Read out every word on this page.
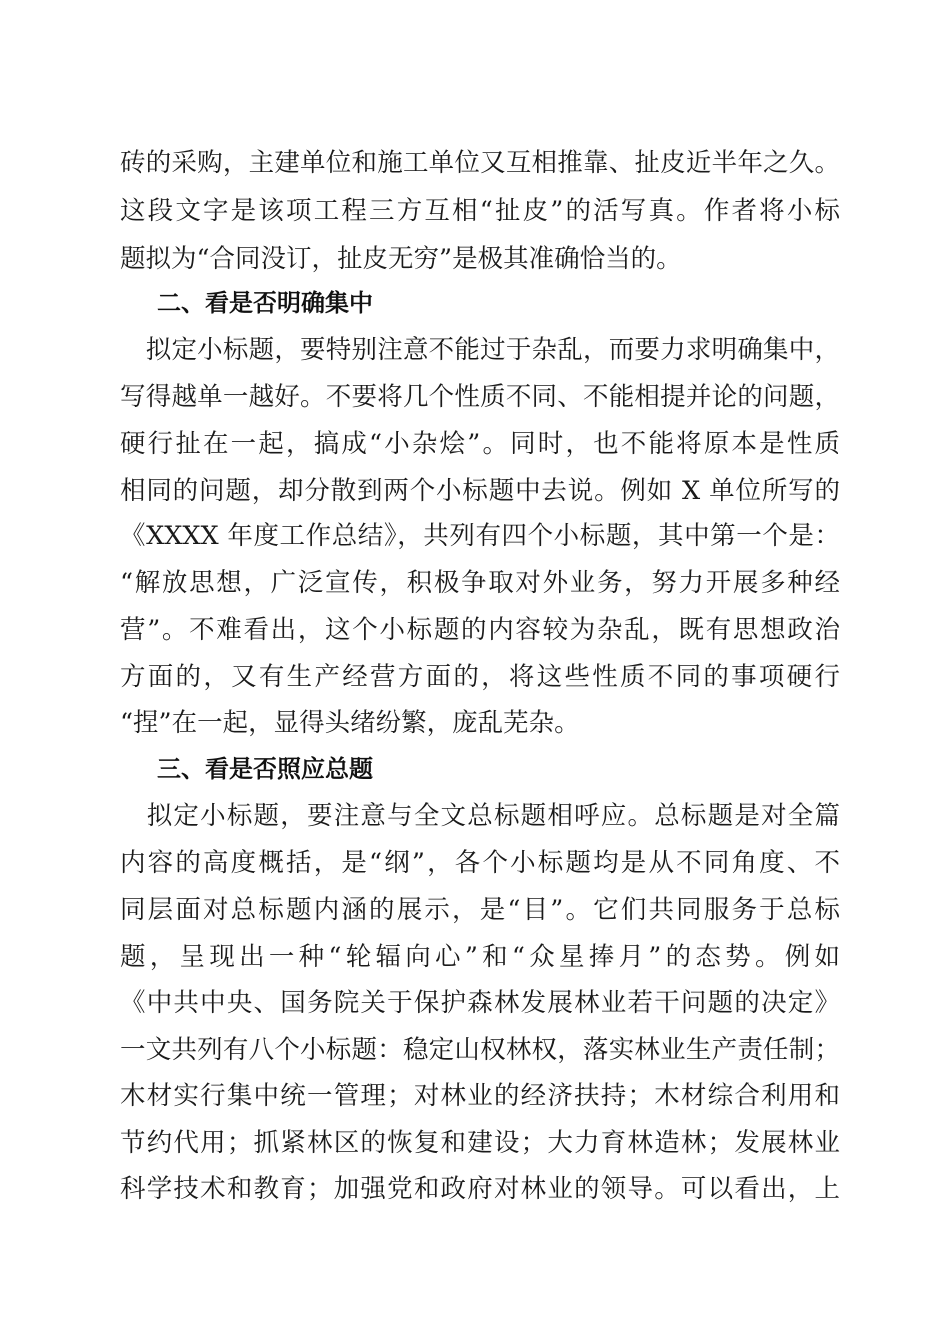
砖的采购，主建单位和施工单位又互相推靠、扯皮近半年之久。
这段文字是该项工程三方互相“扯皮”的活写真。作者将小标
题拟为“合同没订，扯皮无穷”是极其准确恰当的。
二、看是否明确集中
　拟定小标题，要特别注意不能过于杂乱，而要力求明确集中，
写得越单一越好。不要将几个性质不同、不能相提并论的问题，
硬行扯在一起，搞成“小杂烩”。同时，也不能将原本是性质
相同的问题，却分散到两个小标题中去说。例如 X 单位所写的
《XXXX 年度工作总结》，共列有四个小标题，其中第一个是：
“解放思想，广泛宣传，积极争取对外业务，努力开展多种经
营”。不难看出，这个小标题的内容较为杂乱，既有思想政治
方面的，又有生产经营方面的，将这些性质不同的事项硬行
“捏”在一起，显得头绪纷繁，庞乱芜杂。
三、看是否照应总题
　拟定小标题，要注意与全文总标题相呼应。总标题是对全篇
内容的高度概括，是“纲”，各个小标题均是从不同角度、不
同层面对总标题内涵的展示，是“目”。它们共同服务于总标
题，呈现出一种“轮辐向心”和“众星捧月”的态势。例如
《中共中央、国务院关于保护森林发展林业若干问题的决定》
一文共列有八个小标题：稳定山权林权，落实林业生产责任制；
木材实行集中统一管理；对林业的经济扶持；木材综合利用和
节约代用；抓紧林区的恢复和建设；大力育林造林；发展林业
科学技术和教育；加强党和政府对林业的领导。可以看出，上
